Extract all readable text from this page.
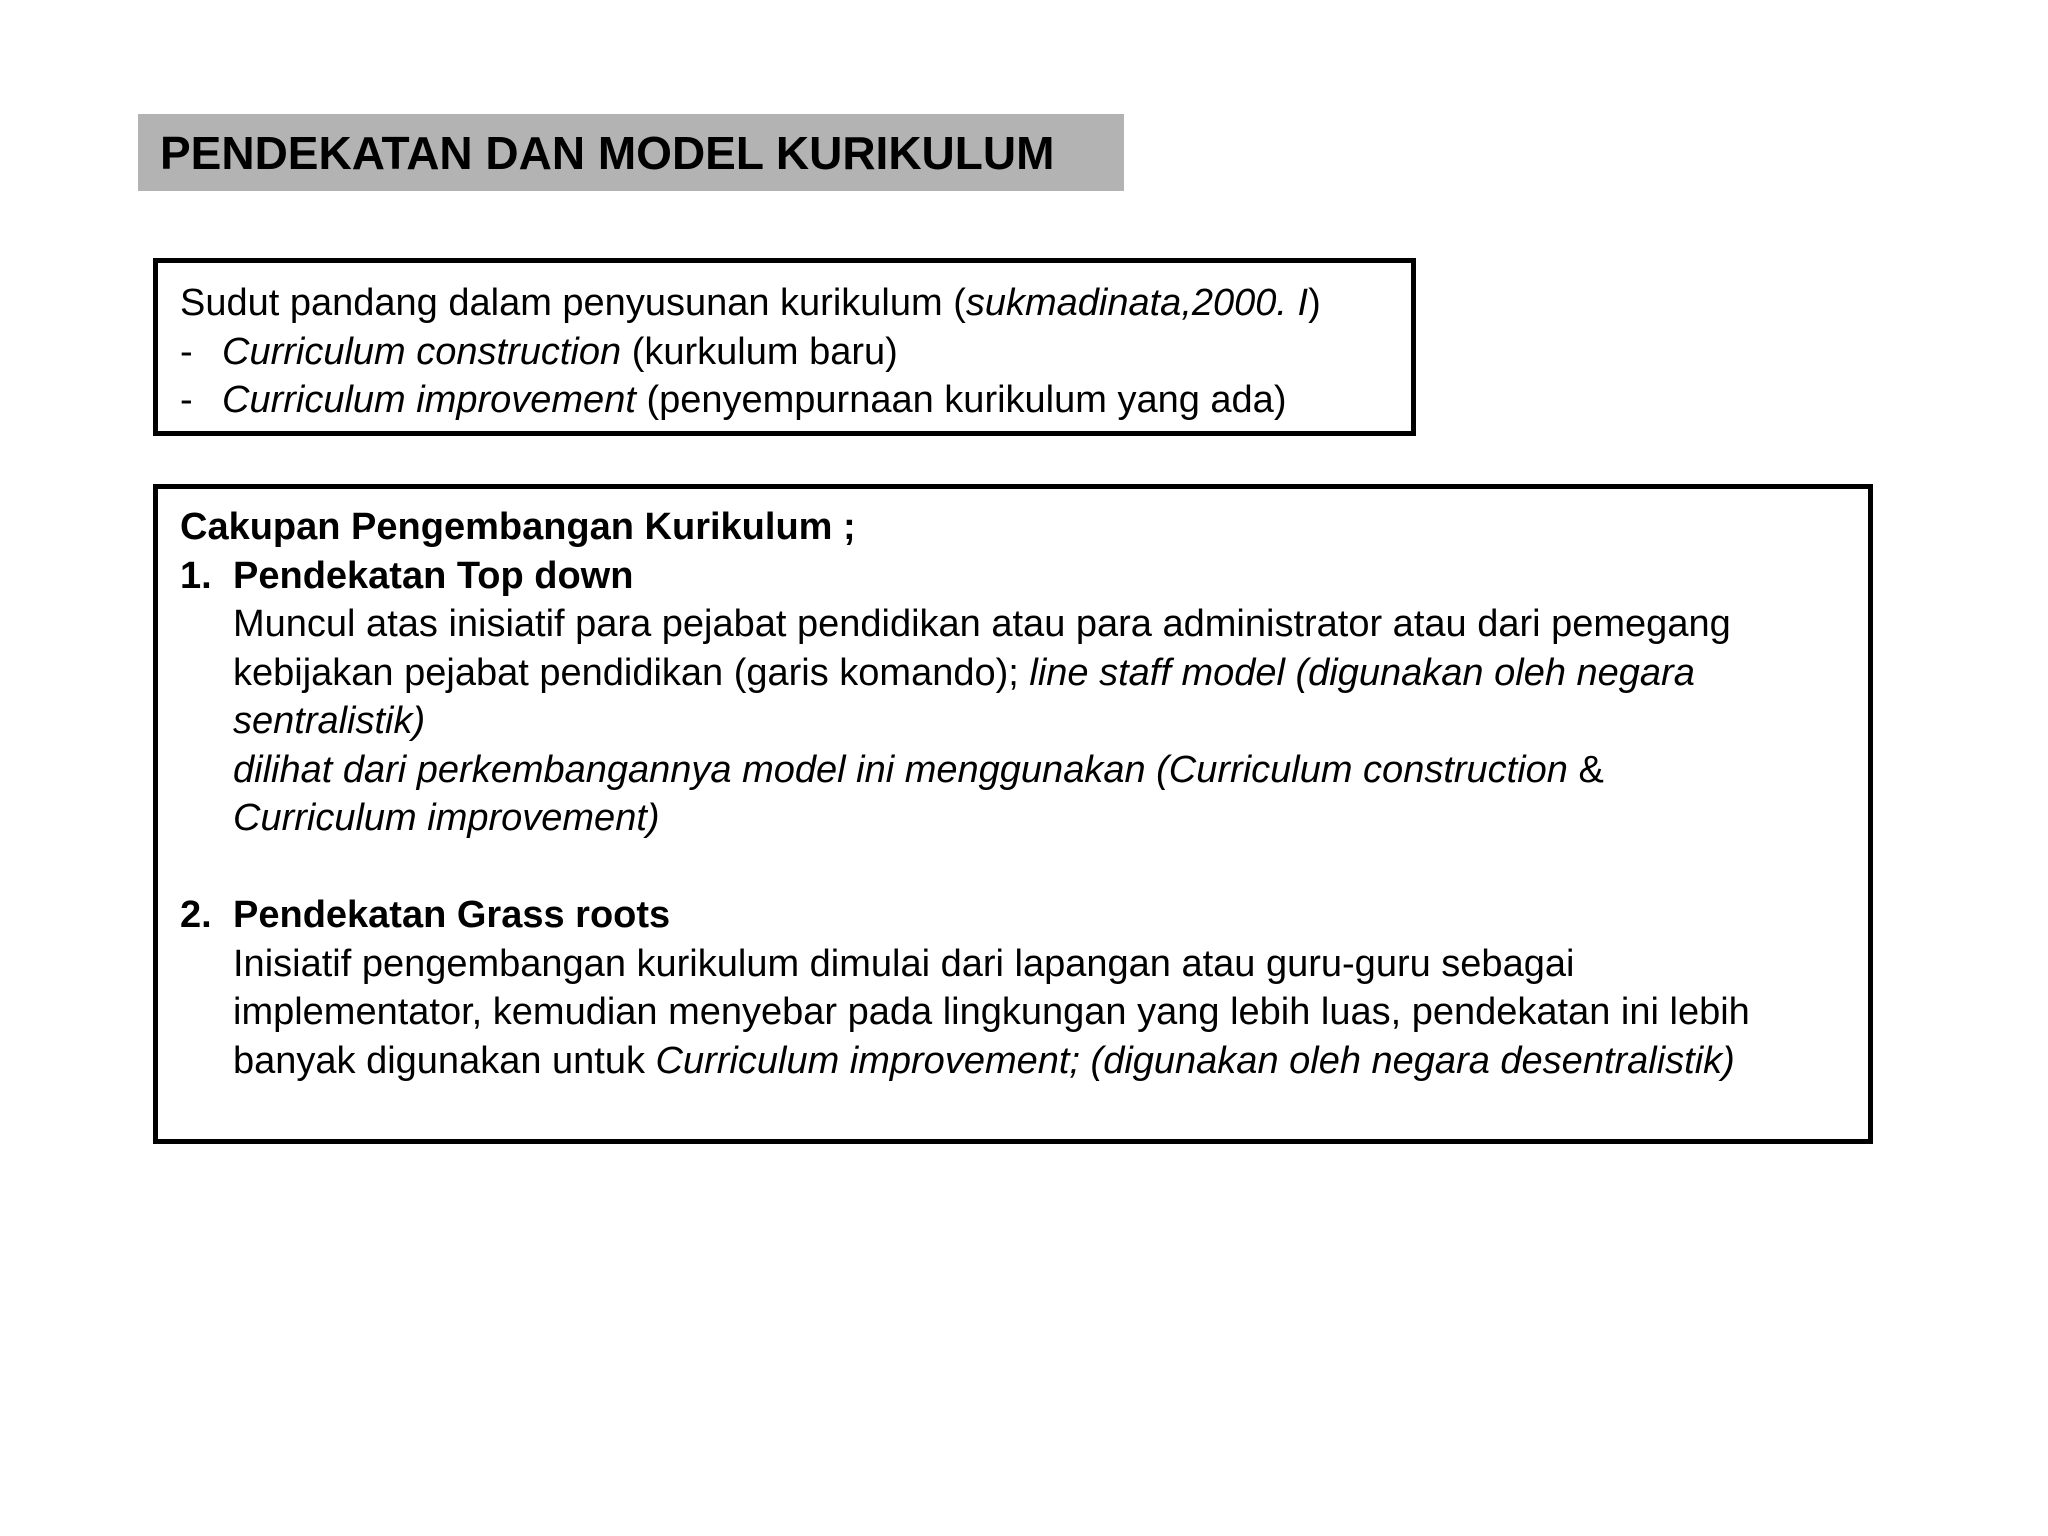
PENDEKATAN DAN MODEL KURIKULUM
Sudut pandang dalam penyusunan kurikulum (sukmadinata,2000. I)
- Curriculum construction (kurkulum baru)
- Curriculum improvement (penyempurnaan kurikulum yang ada)
Cakupan Pengembangan Kurikulum ;
1. Pendekatan Top down
Muncul atas inisiatif para pejabat pendidikan atau para administrator atau dari pemegang
kebijakan pejabat pendidikan (garis komando); line staff model (digunakan oleh negara
sentralistik)
dilihat dari perkembangannya model ini menggunakan (Curriculum construction &
Curriculum improvement)
2. Pendekatan Grass roots
Inisiatif pengembangan kurikulum dimulai dari lapangan atau guru-guru sebagai
implementator, kemudian menyebar pada lingkungan yang lebih luas, pendekatan ini lebih
banyak digunakan untuk Curriculum improvement; (digunakan oleh negara desentralistik)
